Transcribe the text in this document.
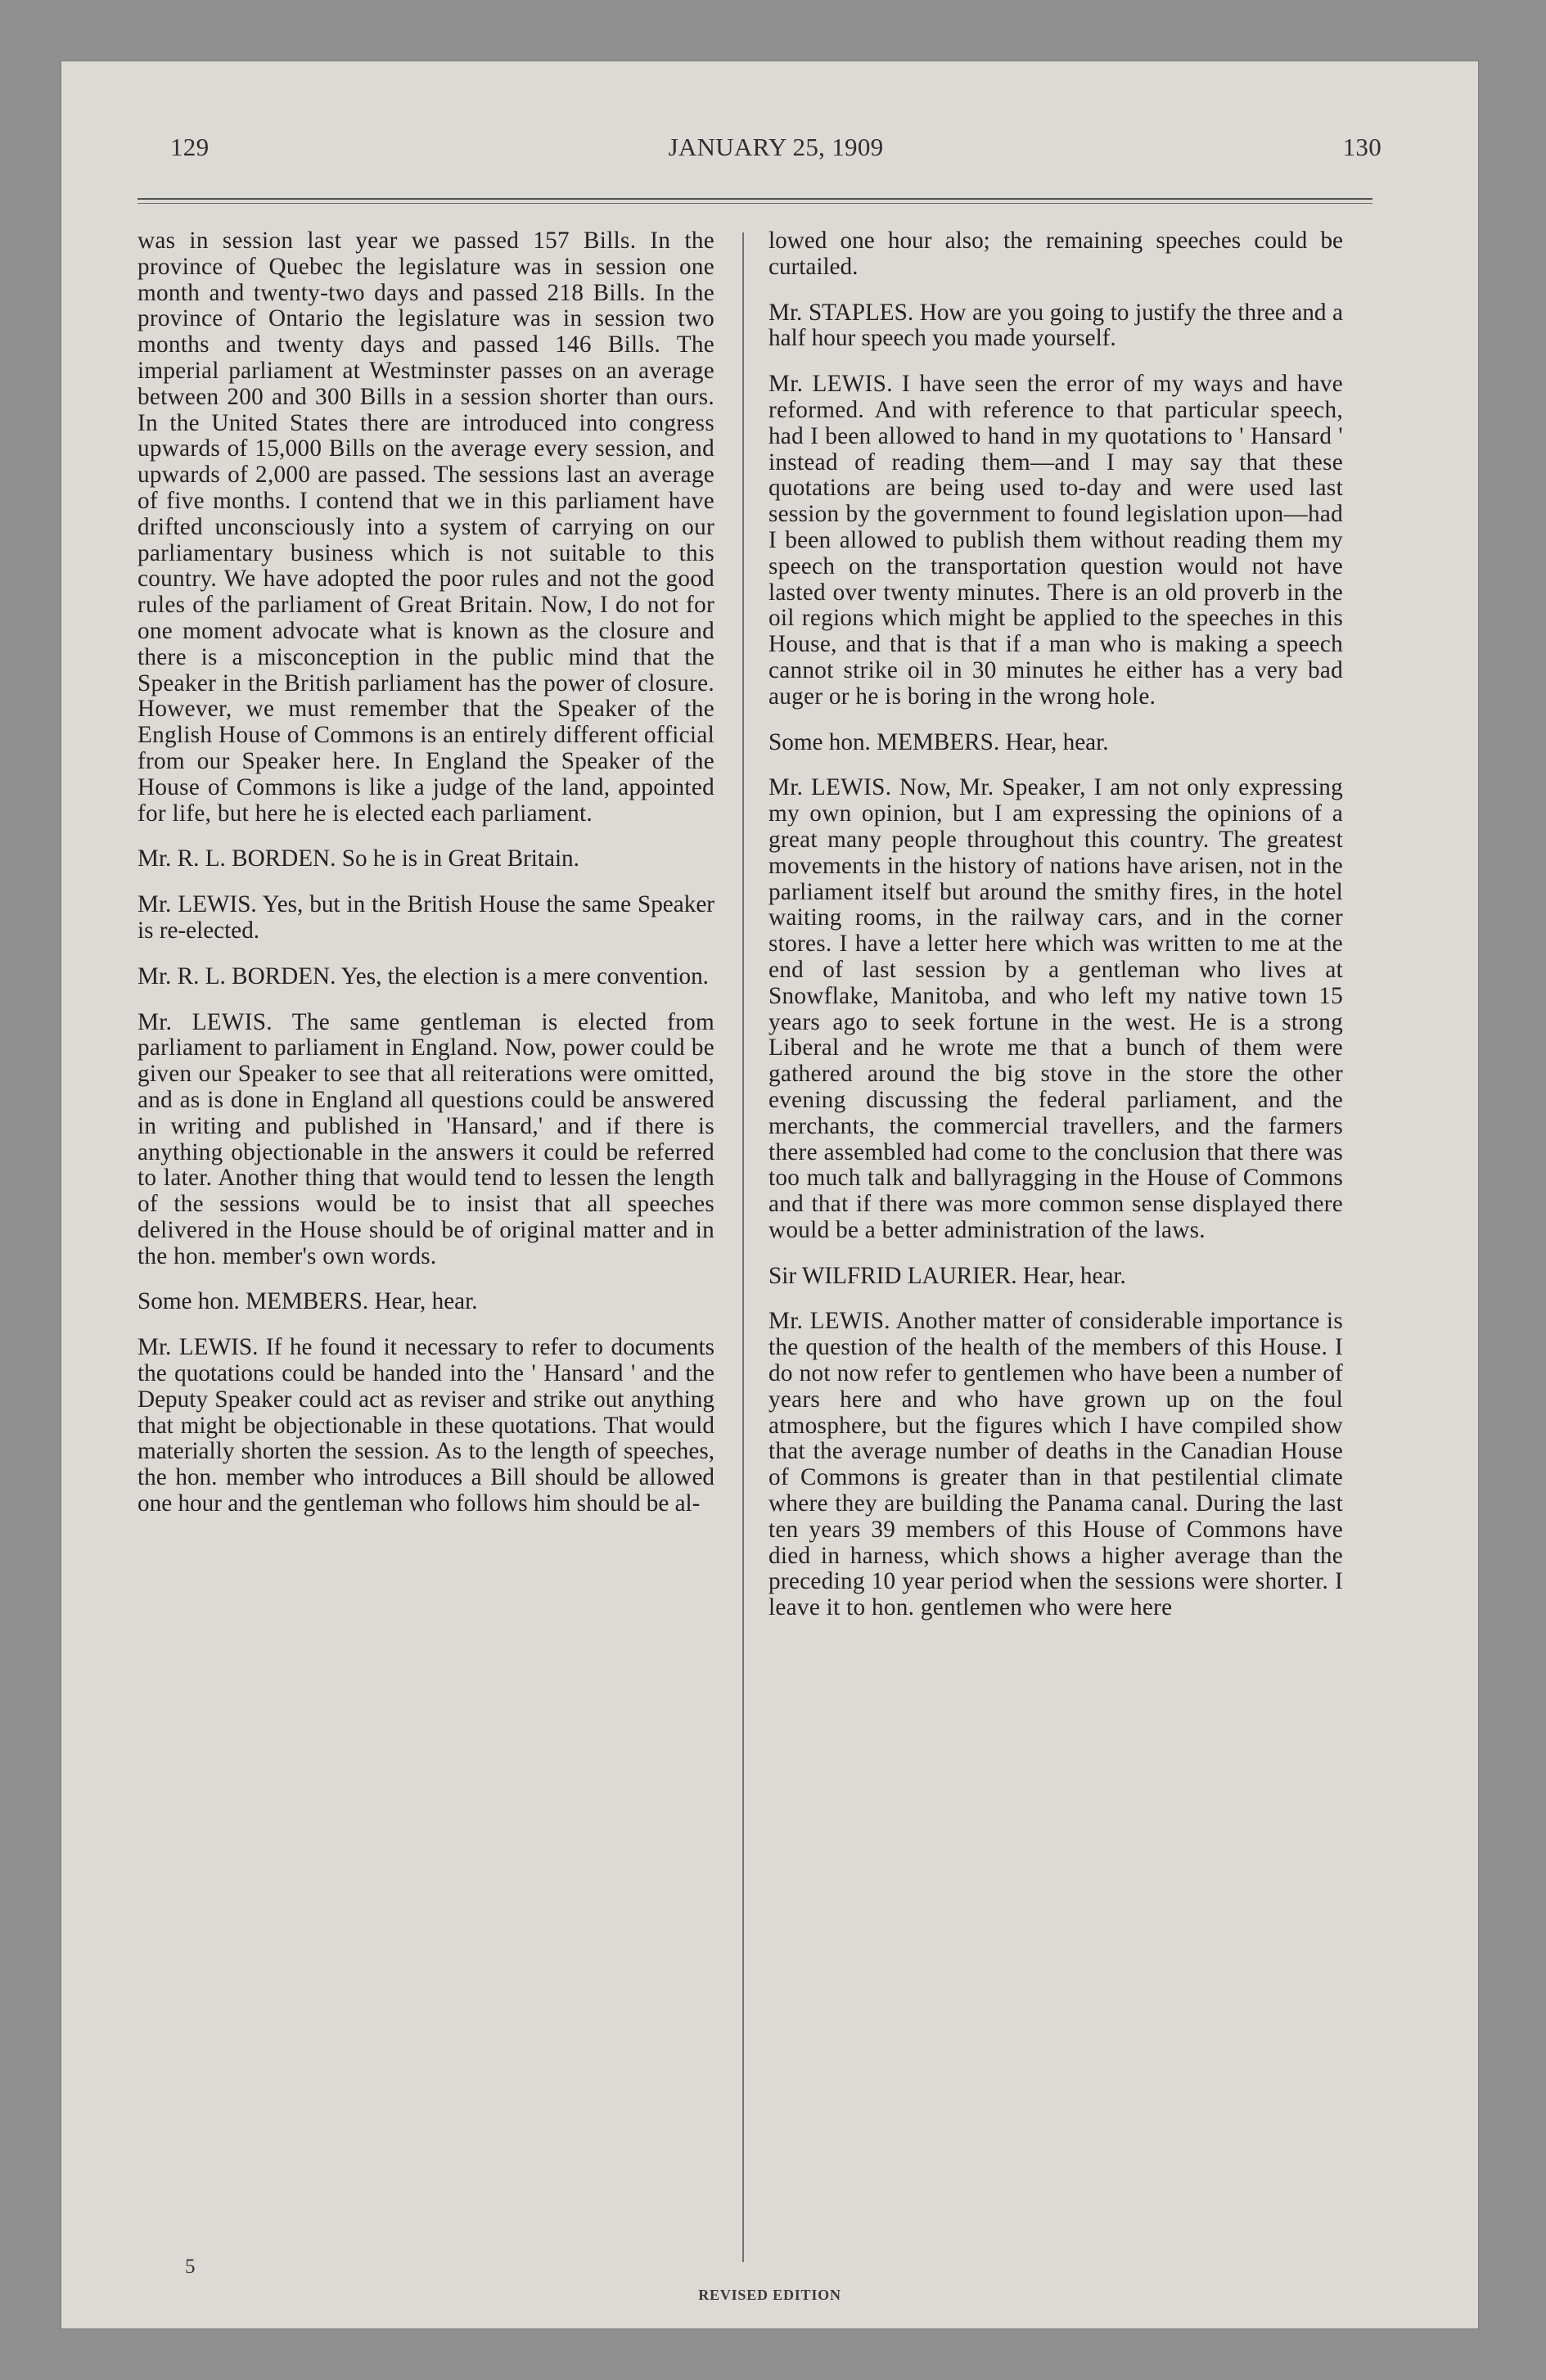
129	JANUARY 25, 1909	130

was in session last year we passed 157 Bills. In the province of Quebec the legislature was in session one month and twenty-two days and passed 218 Bills. In the province of Ontario the legislature was in session two months and twenty days and passed 146 Bills. The imperial parliament at Westminster passes on an average between 200 and 300 Bills in a session shorter than ours. In the United States there are introduced into congress upwards of 15,000 Bills on the average every session, and upwards of 2,000 are passed. The sessions last an average of five months. I contend that we in this parliament have drifted unconsciously into a system of carrying on our parliamentary business which is not suitable to this country. We have adopted the poor rules and not the good rules of the parliament of Great Britain. Now, I do not for one moment advocate what is known as the closure and there is a misconception in the public mind that the Speaker in the British parliament has the power of closure. However, we must remember that the Speaker of the English House of Commons is an entirely different official from our Speaker here. In England the Speaker of the House of Commons is like a judge of the land, appointed for life, but here he is elected each parliament.

Mr. R. L. BORDEN. So he is in Great Britain.

Mr. LEWIS. Yes, but in the British House the same Speaker is re-elected.

Mr. R. L. BORDEN. Yes, the election is a mere convention.

Mr. LEWIS. The same gentleman is elected from parliament to parliament in England. Now, power could be given our Speaker to see that all reiterations were omitted, and as is done in England all questions could be answered in writing and published in 'Hansard,' and if there is anything objectionable in the answers it could be referred to later. Another thing that would tend to lessen the length of the sessions would be to insist that all speeches delivered in the House should be of original matter and in the hon. member's own words.

Some hon. MEMBERS. Hear, hear.

Mr. LEWIS. If he found it necessary to refer to documents the quotations could be handed into the ' Hansard ' and the Deputy Speaker could act as reviser and strike out anything that might be objectionable in these quotations. That would materially shorten the session. As to the length of speeches, the hon. member who introduces a Bill should be allowed one hour and the gentleman who follows him should be al-

lowed one hour also; the remaining speeches could be curtailed.

Mr. STAPLES. How are you going to justify the three and a half hour speech you made yourself.

Mr. LEWIS. I have seen the error of my ways and have reformed. And with reference to that particular speech, had I been allowed to hand in my quotations to ' Hansard ' instead of reading them—and I may say that these quotations are being used to-day and were used last session by the government to found legislation upon—had I been allowed to publish them without reading them my speech on the transportation question would not have lasted over twenty minutes. There is an old proverb in the oil regions which might be applied to the speeches in this House, and that is that if a man who is making a speech cannot strike oil in 30 minutes he either has a very bad auger or he is boring in the wrong hole.

Some hon. MEMBERS. Hear, hear.

Mr. LEWIS. Now, Mr. Speaker, I am not only expressing my own opinion, but I am expressing the opinions of a great many people throughout this country. The greatest movements in the history of nations have arisen, not in the parliament itself but around the smithy fires, in the hotel waiting rooms, in the railway cars, and in the corner stores. I have a letter here which was written to me at the end of last session by a gentleman who lives at Snowflake, Manitoba, and who left my native town 15 years ago to seek fortune in the west. He is a strong Liberal and he wrote me that a bunch of them were gathered around the big stove in the store the other evening discussing the federal parliament, and the merchants, the commercial travellers, and the farmers there assembled had come to the conclusion that there was too much talk and ballyragging in the House of Commons and that if there was more common sense displayed there would be a better administration of the laws.

Sir WILFRID LAURIER. Hear, hear.

Mr. LEWIS. Another matter of considerable importance is the question of the health of the members of this House. I do not now refer to gentlemen who have been a number of years here and who have grown up on the foul atmosphere, but the figures which I have compiled show that the average number of deaths in the Canadian House of Commons is greater than in that pestilential climate where they are building the Panama canal. During the last ten years 39 members of this House of Commons have died in harness, which shows a higher average than the preceding 10 year period when the sessions were shorter. I leave it to hon. gentlemen who were here

5
REVISED EDITION
